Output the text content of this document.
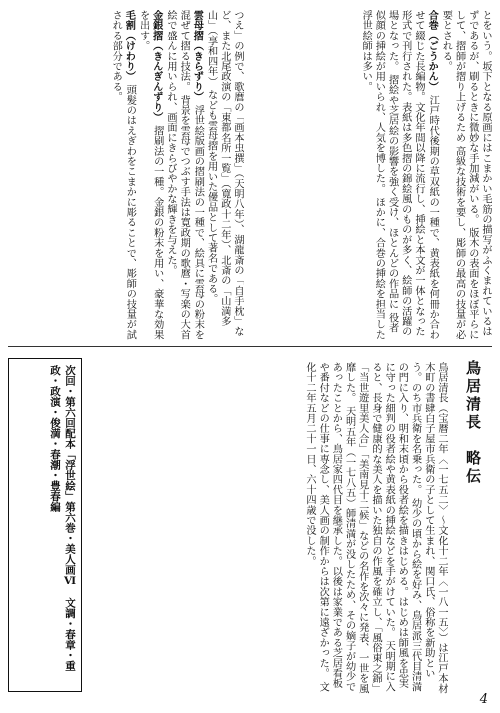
とをいう。坂下となる原画にはこまかい毛筋の描写がふくまれているはずであるが、刷るときに微妙な手加減がいる。 版木の表面をほぼ平らにして、摺師が摺り上げるため 高級な技術を要し、彫師の最高の技量が必要とされる。
合巻（ごうかん） 江戸時代後期の草双紙の一種で、黄表紙を何冊か合わせて綴じた長編物。文化年間以降に流行し、挿絵と本文が一体となった形式で刊行された。表紙は多色摺の錦絵風のものが多く、絵師の活躍の場となった。 摺絵や芝居絵の影響を強く受け、ほとんどの作品に 役者似顔の挿絵が用いられ、人気を博した。 ほかに、合巻の挿絵を担当した浮世絵師は多い。
つえ」の例で、歌麿の「画本虫撰」（天明八年）、湖龍斎の「自手枕」など、また北尾政演の「東都名所一覧」（寛政十二年）、北斎の「山満多山」（享和四年） なども雲母摺を用いた優品として著名である。
雲母摺（きらずり） 浮世絵版画の摺刷法の一種で、絵具に雲母の粉末を混ぜて摺る技法。 背景を雲母でつぶす手法は寛政期の歌麿・写楽の大首絵で盛んに用いられ、画面にきらびやかな輝きを与えた。
金銀摺（きんぎんずり） 摺刷法の一種。金銀の粉末を用い、豪華な効果を出す。
毛割（けわり） 頭髪のはえぎわをこまかに彫ることで、彫師の技量が試される部分である。
鳥居清長　略伝
鳥居清長（宝暦二年〈一七五二〉〜文化十二年〈一八一五〉）は江戸本材木町の書肆白子屋市兵衛の子として生まれ、関口氏、俗称を新助という。のち市兵衛を名乗った。 幼少の頃から絵を好み、鳥居派三代目清満の門に入り、明和末頃から役者絵を描きはじめる。はじめは師風を忠実に守った細判の役者絵や黄表紙の挿絵などを手がけていた。 天明期に入ると、長身で健康的な美人を描いた独自の作風を確立し、「風俗東之錦」「当世遊里美人合」「美南見十二候」などの名作を次々に発表、一世を風靡した。 天明五年（一七八五）師清満が没したため、その嫡子が幼少であったことから、鳥居家四代目を継承した。以後は家業である芝居看板や番付などの仕事に専念し、美人画の制作からは次第に遠ざかった。 文化十二年五月二十一日、六十四歳で没した。
次回・第六回配本「浮世絵」第六巻・美人画Ⅵ　文調・春章・重政・政演・俊満・春潮・豊春編
4
